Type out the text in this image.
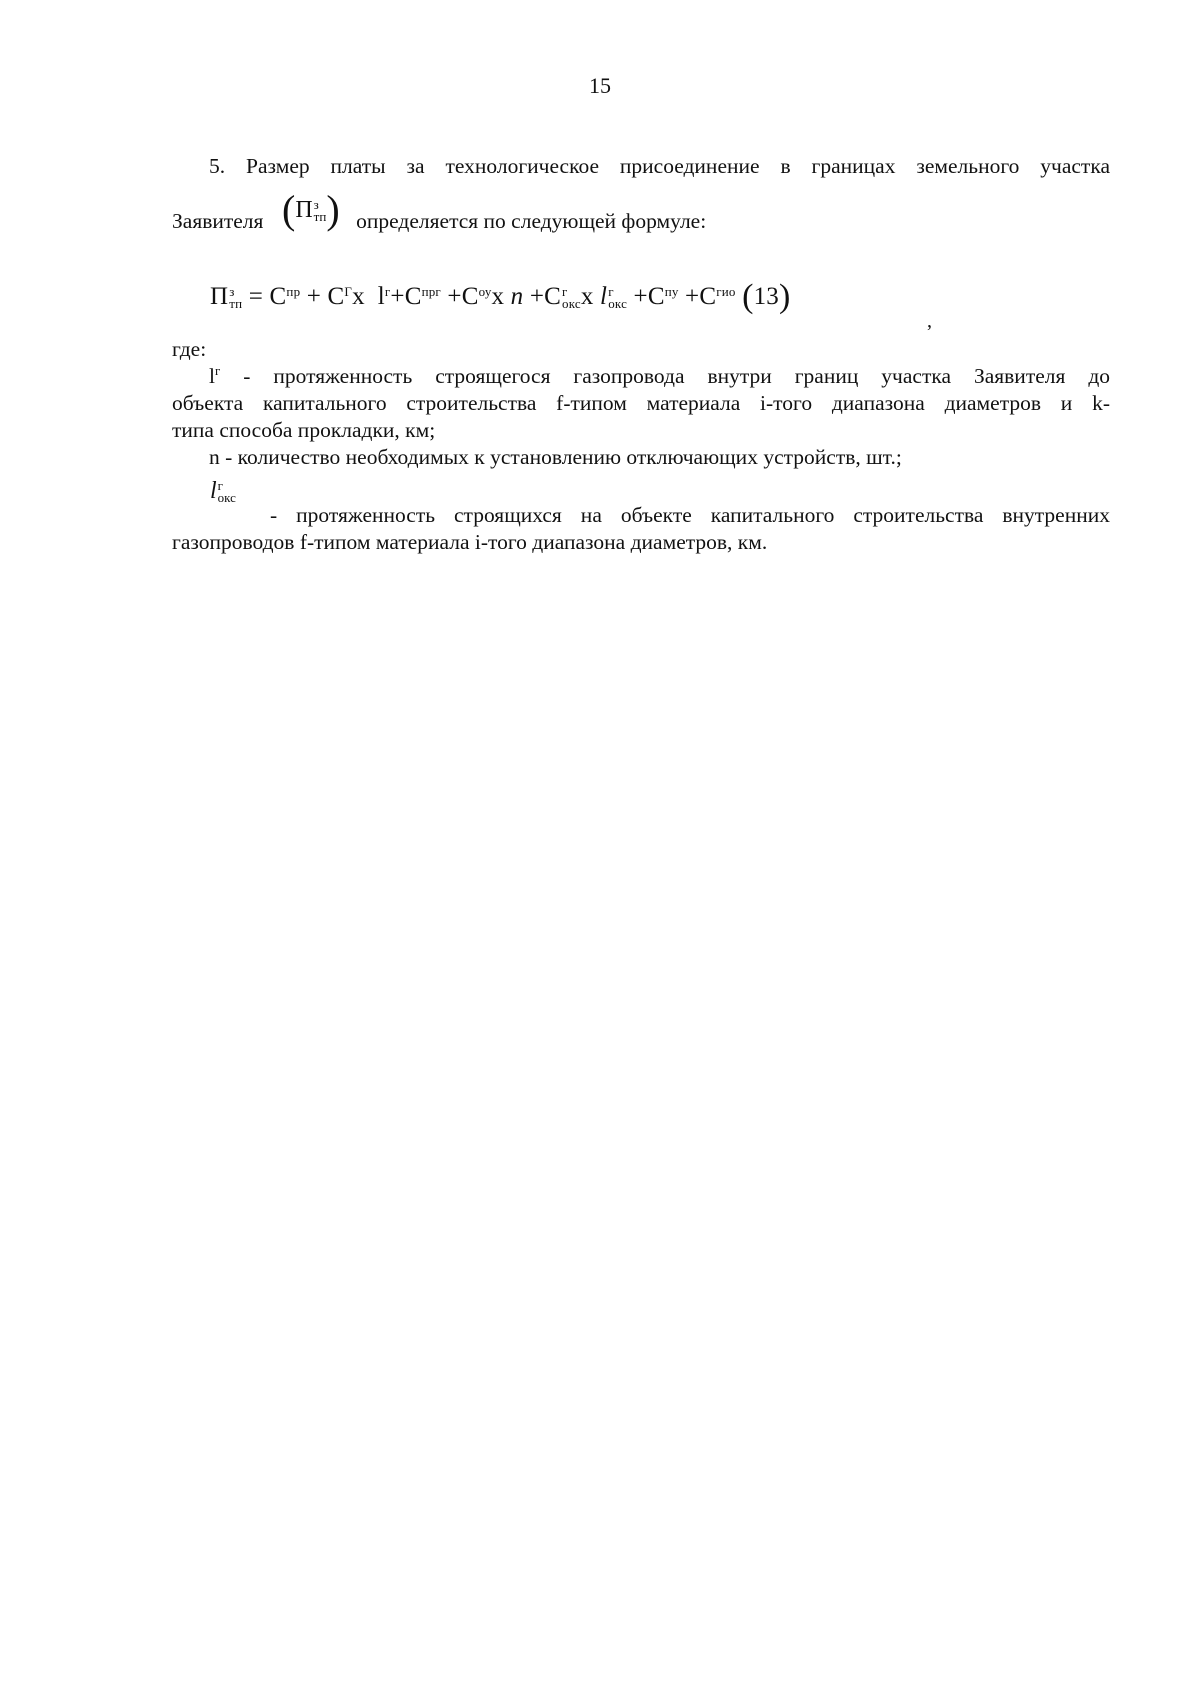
15
5. Размер платы за технологическое присоединение в границах земельного участка
Заявителя	определяется по следующей формуле:
(П з
тп )
П з
тп = $С^{пр} + С^Гх$ $l^г+С^{прг} +С^{оу}х$ n +С г
окс х l г
окс $+С^{пу} +С^{гио}$ (13)
,
где:
$l^г$ - протяженность строящегося газопровода внутри границ участка Заявителя до
объекта капитального строительства f-типом материала i-того диапазона диаметров и k-
типа способа прокладки, км;
n - количество необходимых к установлению отключающих устройств, шт.;
l г
окс
- протяженность строящихся на объекте капитального строительства внутренних
газопроводов f-типом материала i-того диапазона диаметров, км.
